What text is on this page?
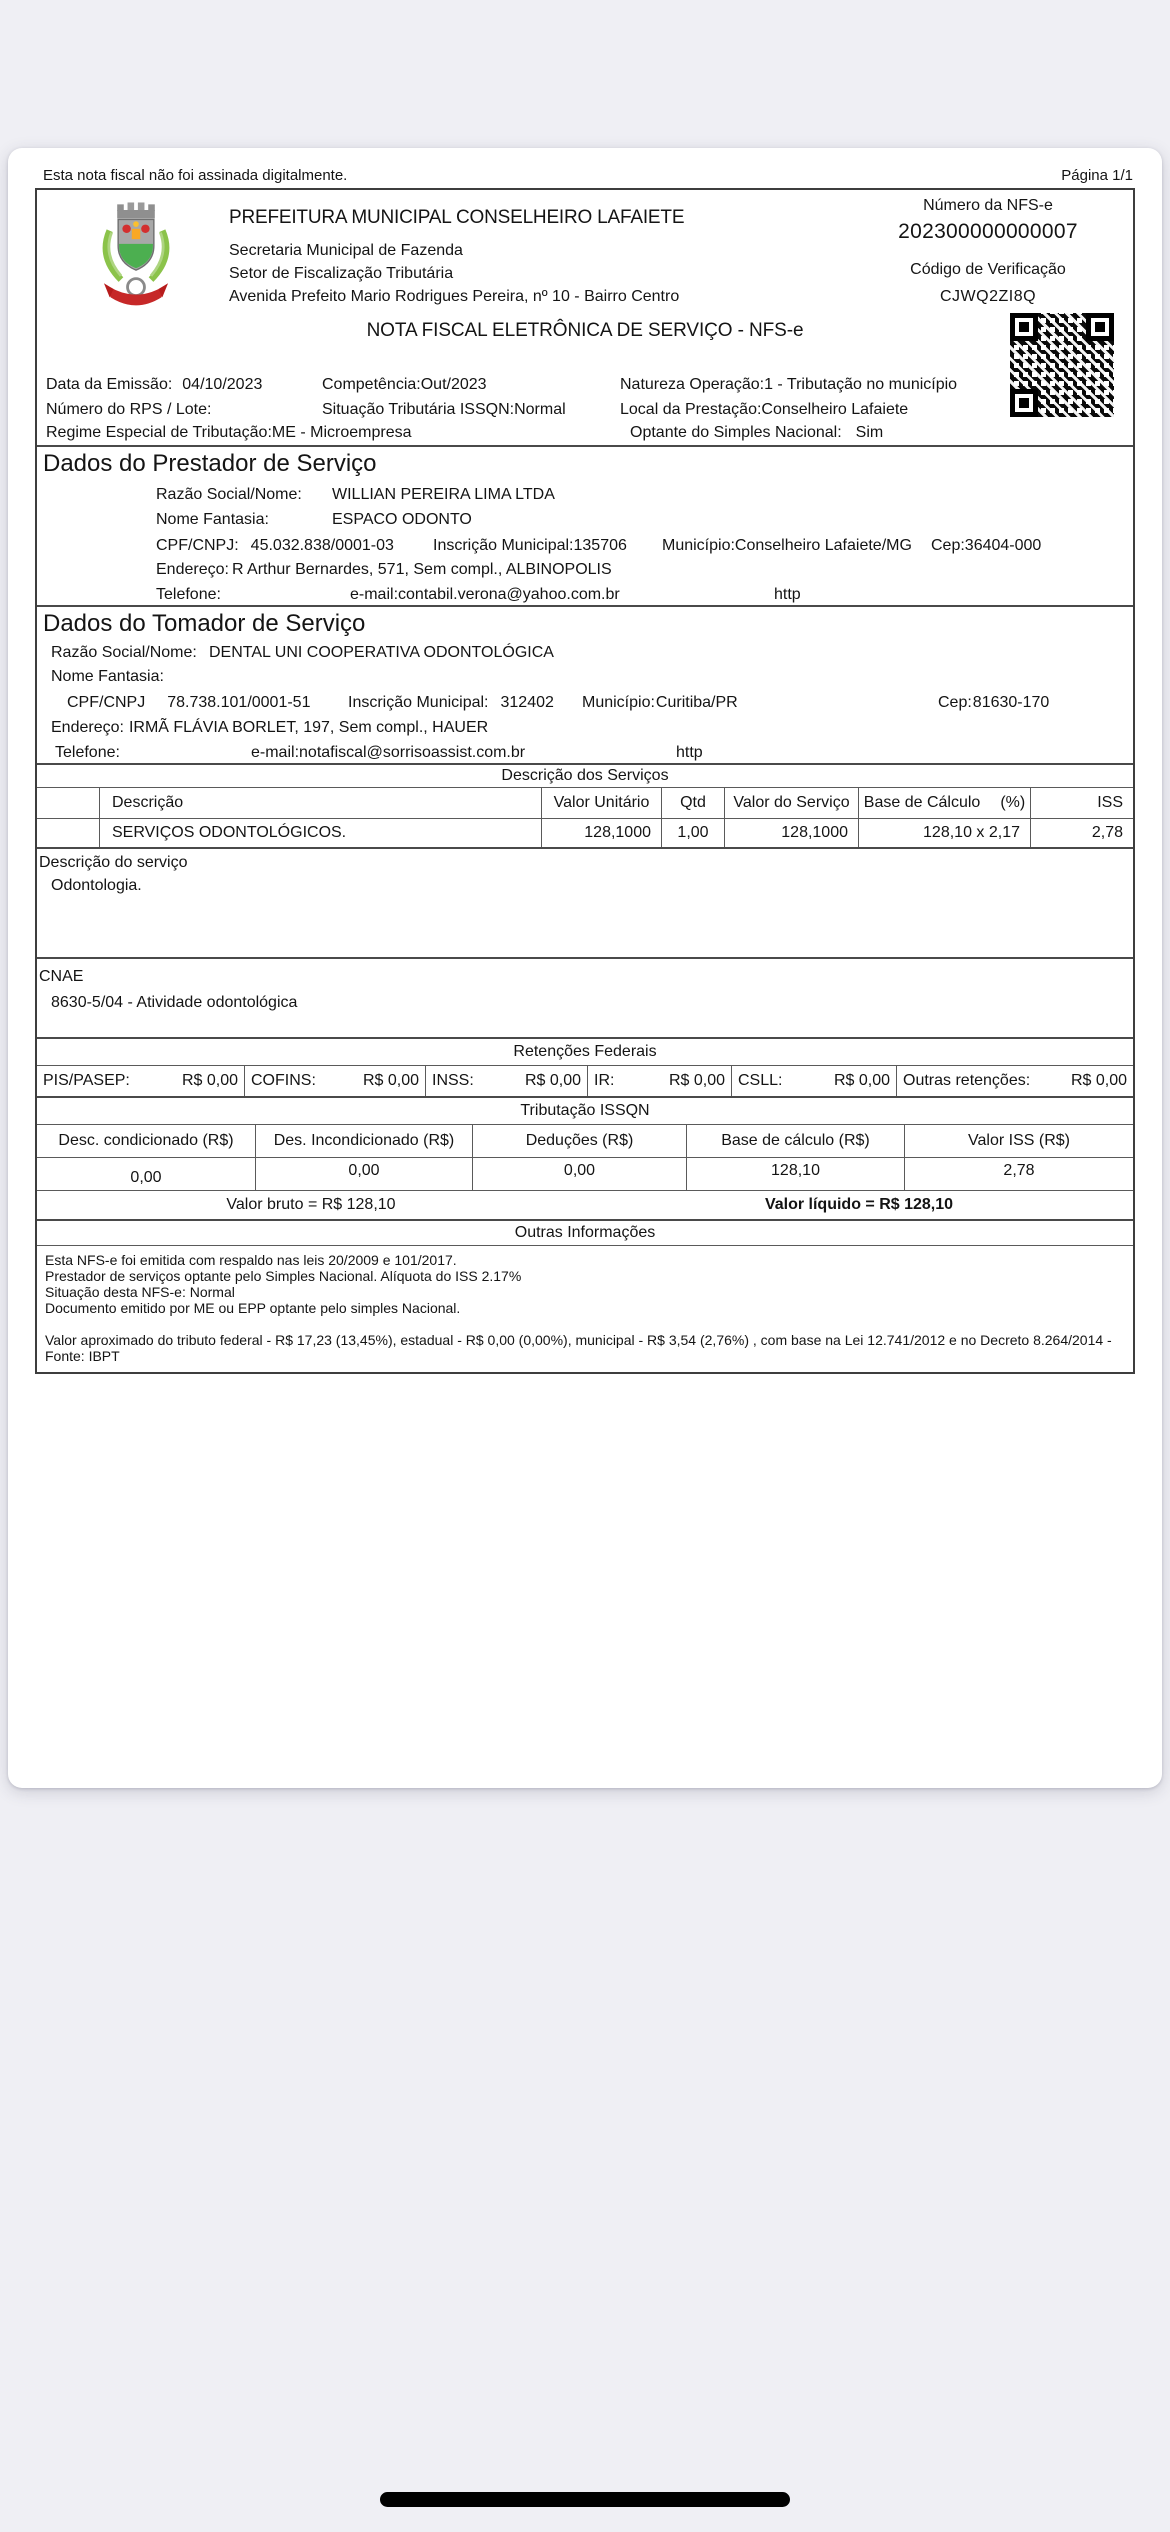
Esta nota fiscal não foi assinada digitalmente.	Página 1/1
PREFEITURA MUNICIPAL CONSELHEIRO LAFAIETE
Secretaria Municipal de Fazenda
Setor de Fiscalização Tributária
Avenida Prefeito Mario Rodrigues Pereira, nº 10 - Bairro Centro
Número da NFS-e
202300000000007
Código de Verificação
CJWQ2ZI8Q
NOTA FISCAL ELETRÔNICA DE SERVIÇO - NFS-e
Data da Emissão: 04/10/2023	Competência:Out/2023	Natureza Operação:1 - Tributação no município
Número do RPS / Lote:	Situação Tributária ISSQN:Normal	Local da Prestação:Conselheiro Lafaiete
Regime Especial de Tributação:ME - Microempresa	Optante do Simples Nacional: Sim
Dados do Prestador de Serviço
Razão Social/Nome: WILLIAN PEREIRA LIMA LTDA
Nome Fantasia:	ESPACO ODONTO
CPF/CNPJ: 45.032.838/0001-03 Inscrição Municipal:135706 Município:Conselheiro Lafaiete/MG Cep:36404-000
Endereço: R Arthur Bernardes, 571, Sem compl., ALBINOPOLIS
Telefone:	e-mail:contabil.verona@yahoo.com.br	http
Dados do Tomador de Serviço
Razão Social/Nome: DENTAL UNI COOPERATIVA ODONTOLÓGICA
Nome Fantasia:
CPF/CNPJ 78.738.101/0001-51 Inscrição Municipal: 312402 Município:Curitiba/PR	Cep:81630-170
Endereço: IRMÃ FLÁVIA BORLET, 197, Sem compl., HAUER
Telefone:	e-mail:notafiscal@sorrisoassist.com.br	http
Descrição dos Serviços
Descrição	Valor Unitário	Qtd	Valor do Serviço Base de Cálculo (%)	ISS
SERVIÇOS ODONTOLÓGICOS.	128,1000	1,00	128,1000	128,10 x 2,17	2,78
Descrição do serviço
Odontologia.
CNAE
8630-5/04 - Atividade odontológica
Retenções Federais
PIS/PASEP:	R$ 0,00 COFINS:	R$ 0,00 INSS:	R$ 0,00 IR:	R$ 0,00 CSLL:	R$ 0,00 Outras retenções:	R$ 0,00
Tributação ISSQN
Desc. condicionado (R$)	Des. Incondicionado (R$)	Deduções (R$)	Base de cálculo (R$)	Valor ISS (R$)
0,00	0,00	0,00	128,10	2,78
Valor bruto = R$ 128,10	Valor líquido = R$ 128,10
Outras Informações
Esta NFS-e foi emitida com respaldo nas leis 20/2009 e 101/2017.
Prestador de serviços optante pelo Simples Nacional. Alíquota do ISS 2.17%
Situação desta NFS-e: Normal
Documento emitido por ME ou EPP optante pelo simples Nacional.
Valor aproximado do tributo federal - R$ 17,23 (13,45%), estadual - R$ 0,00 (0,00%), municipal - R$ 3,54 (2,76%) , com base na Lei 12.741/2012 e no Decreto 8.264/2014 - Fonte: IBPT
